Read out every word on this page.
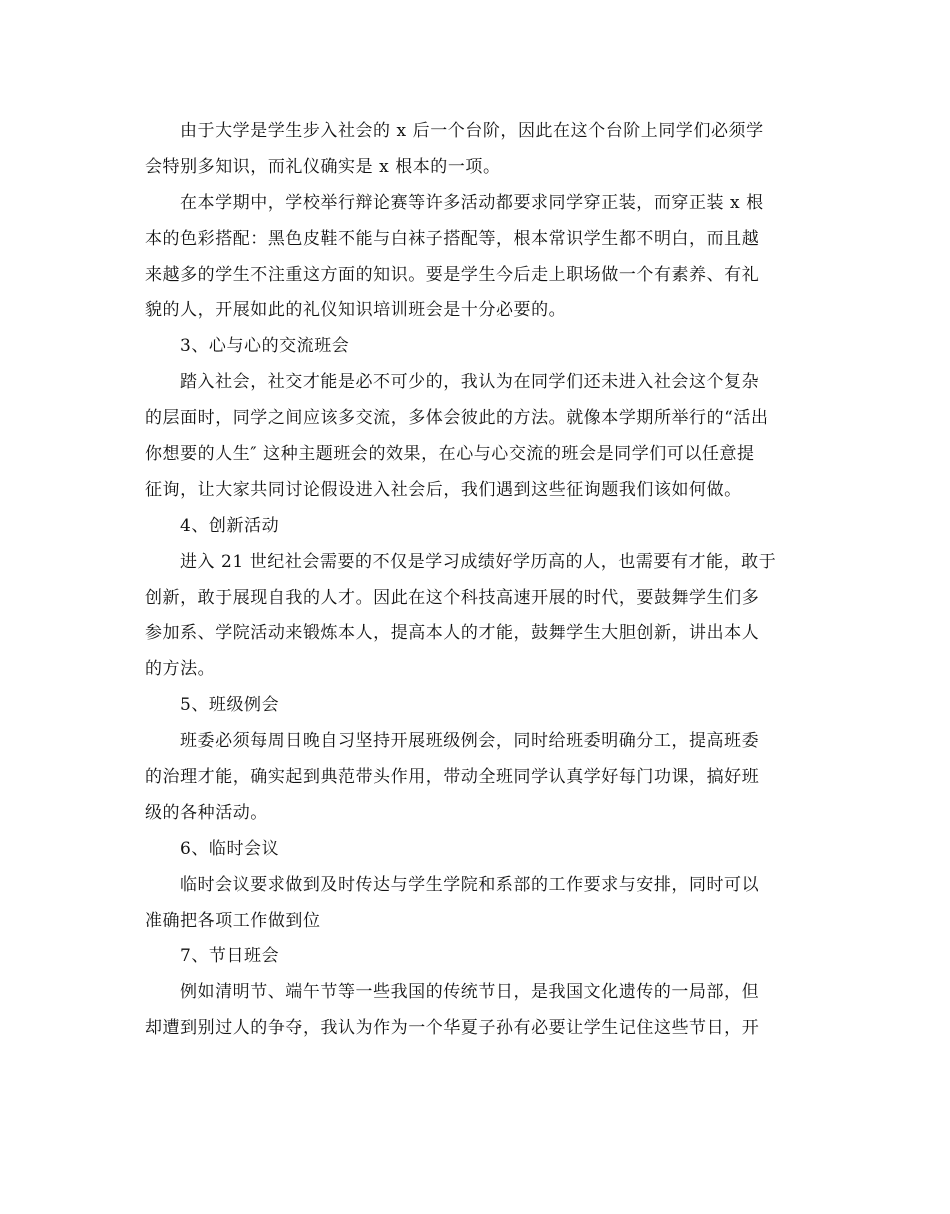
由于大学是学生步入社会的 x 后一个台阶，因此在这个台阶上同学们必须学
会特别多知识，而礼仪确实是 x 根本的一项。
在本学期中，学校举行辩论赛等许多活动都要求同学穿正装，而穿正装 x 根
本的色彩搭配：黑色皮鞋不能与白袜子搭配等，根本常识学生都不明白，而且越
来越多的学生不注重这方面的知识。要是学生今后走上职场做一个有素养、有礼
貌的人，开展如此的礼仪知识培训班会是十分必要的。
3、心与心的交流班会
踏入社会，社交才能是必不可少的，我认为在同学们还未进入社会这个复杂
的层面时，同学之间应该多交流，多体会彼此的方法。就像本学期所举行的“活出
你想要的人生″ 这种主题班会的效果，在心与心交流的班会是同学们可以任意提
征询，让大家共同讨论假设进入社会后，我们遇到这些征询题我们该如何做。
4、创新活动
进入 21 世纪社会需要的不仅是学习成绩好学历高的人，也需要有才能，敢于
创新，敢于展现自我的人才。因此在这个科技高速开展的时代，要鼓舞学生们多
参加系、学院活动来锻炼本人，提高本人的才能，鼓舞学生大胆创新，讲出本人
的方法。
5、班级例会
班委必须每周日晚自习坚持开展班级例会，同时给班委明确分工，提高班委
的治理才能，确实起到典范带头作用，带动全班同学认真学好每门功课，搞好班
级的各种活动。
6、临时会议
临时会议要求做到及时传达与学生学院和系部的工作要求与安排，同时可以
准确把各项工作做到位
7、节日班会
例如清明节、端午节等一些我国的传统节日，是我国文化遗传的一局部，但
却遭到别过人的争夺，我认为作为一个华夏子孙有必要让学生记住这些节日，开
